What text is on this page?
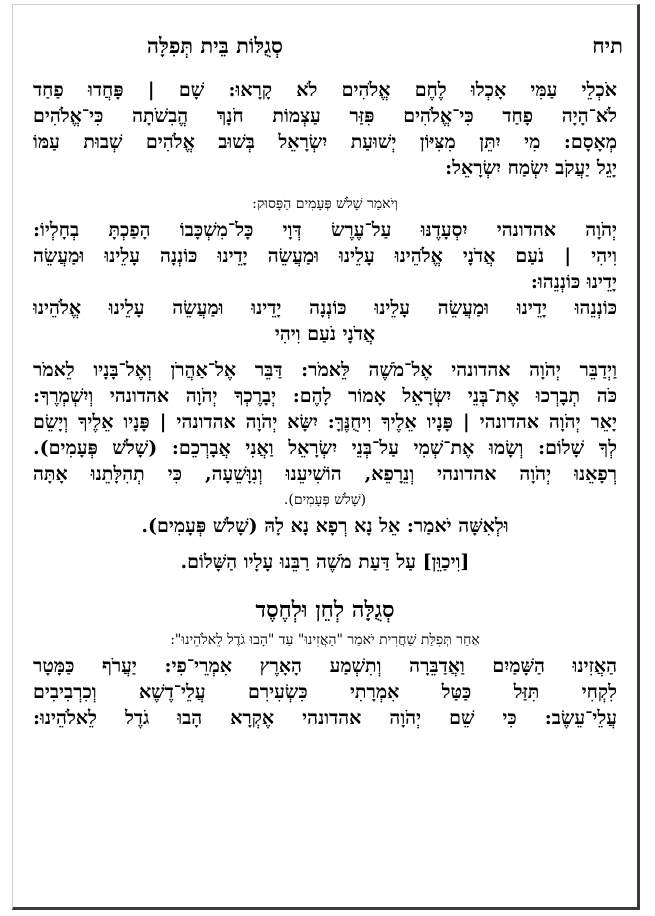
תיח
סְגֻלּוֹת בֵּית תְּפִלָּה
אֹכְלֵי עַמִּי אָכְלוּ לֶחֶם אֱלֹהִים לֹא קָרָאוּ: שָׁם | פָּחֲדוּ פַחַד
לֹא־הָיָה פָחַד כִּי־אֱלֹהִים פִּזַּר עַצְמוֹת חֹנָךְ הֱבִשֹׁתָה כִּי־אֱלֹהִים
מְאָסָם: מִי יִתֵּן מִצִּיּוֹן יְשׁוּעַת יִשְׂרָאֵל בְּשׁוּב אֱלֹהִים שְׁבוּת עַמּוֹ
יָגֵל יַעֲקֹב יִשְׂמַח יִשְׂרָאֵל:
וְיֹאמַר שָׁלֹשׁ פְּעָמִים הַפָּסוּק:
יְהֹוָה אהדונהי יִסְעָדֶנּוּ עַל־עֶרֶשׂ דְּוָי כָּל־מִשְׁכָּבוֹ הָפַכְתָּ בְחָלְיוֹ:
וִיהִי | נֹעַם אֲדֹנָי אֱלֹהֵינוּ עָלֵינוּ וּמַעֲשֵׂה יָדֵינוּ כּוֹנְנָה עָלֵינוּ וּמַעֲשֵׂה
יָדֵינוּ כּוֹנְנֵהוּ:
כּוֹנְנֵהוּ יָדֵינוּ וּמַעֲשֵׂה עָלֵינוּ כּוֹנְנָה יָדֵינוּ וּמַעֲשֵׂה עָלֵינוּ אֱלֹהֵינוּ
אֲדֹנָי נֹעַם וִיהִי
וַיְדַבֵּר יְהֹוָה אהדונהי אֶל־מֹשֶׁה לֵּאמֹר: דַּבֵּר אֶל־אַהֲרֹן וְאֶל־בָּנָיו לֵאמֹר
כֹּה תְבָרְכוּ אֶת־בְּנֵי יִשְׂרָאֵל אָמוֹר לָהֶם: יְבָרֶכְךָ יְהֹוָה אהדונהי וְיִשְׁמְרֶךָ:
יָאֵר יְהֹוָה אהדונהי | פָּנָיו אֵלֶיךָ וִיחֻנֶּךָּ: יִשָּׂא יְהֹוָה אהדונהי | פָּנָיו אֵלֶיךָ וְיָשֵׂם
לְךָ שָׁלוֹם: וְשָׂמוּ אֶת־שְׁמִי עַל־בְּנֵי יִשְׂרָאֵל וַאֲנִי אֲבָרְכֵם: (שָׁלֹשׁ פְּעָמִים).
רְפָאֵנוּ יְהֹוָה אהדונהי וְנֵרָפֵא, הוֹשִׁיעֵנוּ וְנִוָּשֵׁעָה, כִּי תְהִלָּתֵנוּ אָתָּה
(שָׁלֹשׁ פְּעָמִים).
וּלְאִשָּׁה יֹאמַר: אֵל נָא רְפָא נָא לָהּ (שָׁלֹשׁ פְּעָמִים).
[וִיכַוֵּן] עַל דַּעַת מֹשֶׁה רַבֵּנוּ עָלָיו הַשָּׁלוֹם.
סְגֻלָּה לְחֵן וּלְחֶסֶד
אַחַר תְּפִלַּת שַׁחֲרִית יֹאמַר "הַאֲזִינוּ" עַד "הָבוּ גֹדֶל לֵאלֹהֵינוּ":
הַאֲזִינוּ הַשָּׁמַיִם וַאֲדַבֵּרָה וְתִשְׁמַע הָאָרֶץ אִמְרֵי־פִי: יַעֲרֹף כַּמָּטָר
לִקְחִי תִּזַּל כַּטַּל אִמְרָתִי כִּשְׂעִירִם עֲלֵי־דֶשֶׁא וְכִרְבִיבִים
עֲלֵי־עֵשֶׂב: כִּי שֵׁם יְהֹוָה אהדונהי אֶקְרָא הָבוּ גֹדֶל לֵאלֹהֵינוּ:
